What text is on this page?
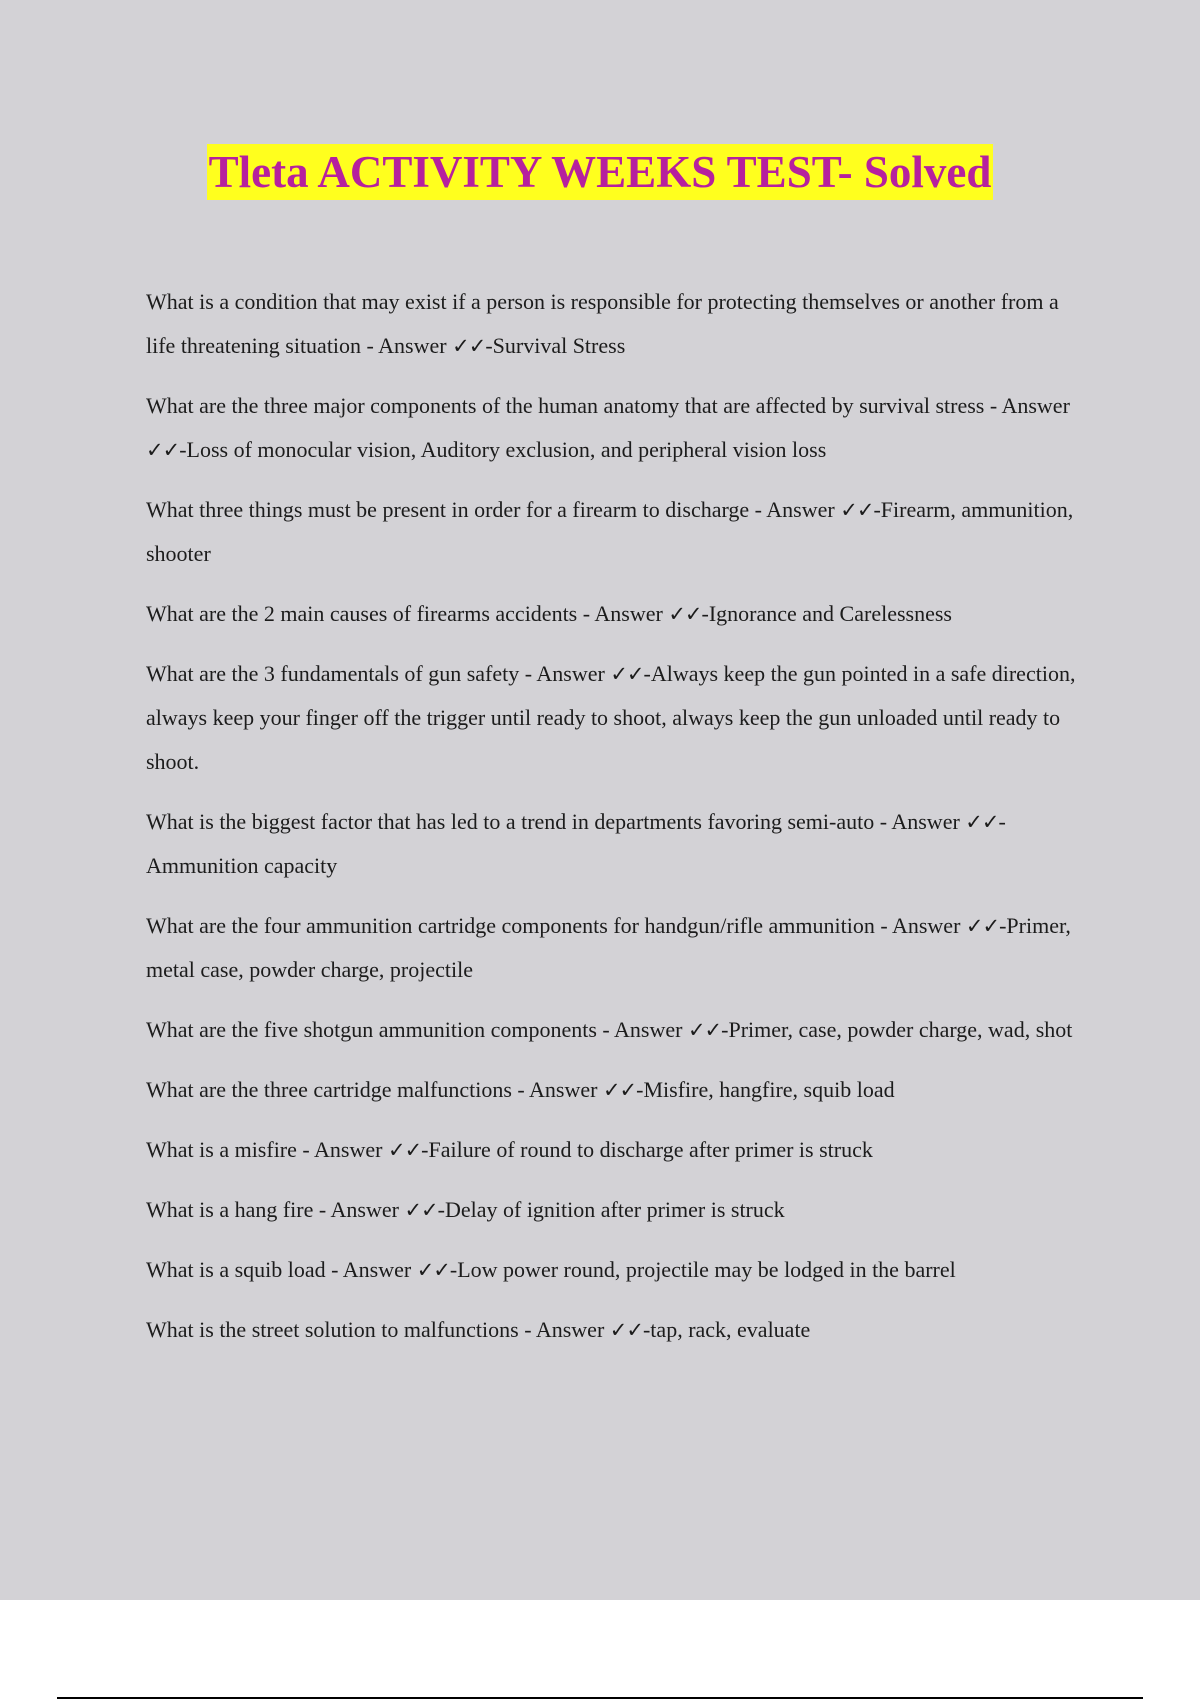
Tleta ACTIVITY WEEKS TEST- Solved
What is a condition that may exist if a person is responsible for protecting themselves or another from a life threatening situation - Answer ✓✓-Survival Stress
What are the three major components of the human anatomy that are affected by survival stress - Answer ✓✓-Loss of monocular vision, Auditory exclusion, and peripheral vision loss
What three things must be present in order for a firearm to discharge - Answer ✓✓-Firearm, ammunition, shooter
What are the 2 main causes of firearms accidents - Answer ✓✓-Ignorance and Carelessness
What are the 3 fundamentals of gun safety - Answer ✓✓-Always keep the gun pointed in a safe direction, always keep your finger off the trigger until ready to shoot, always keep the gun unloaded until ready to shoot.
What is the biggest factor that has led to a trend in departments favoring semi-auto - Answer ✓✓-Ammunition capacity
What are the four ammunition cartridge components for handgun/rifle ammunition - Answer ✓✓-Primer, metal case, powder charge, projectile
What are the five shotgun ammunition components - Answer ✓✓-Primer, case, powder charge, wad, shot
What are the three cartridge malfunctions - Answer ✓✓-Misfire, hangfire, squib load
What is a misfire - Answer ✓✓-Failure of round to discharge after primer is struck
What is a hang fire - Answer ✓✓-Delay of ignition after primer is struck
What is a squib load - Answer ✓✓-Low power round, projectile may be lodged in the barrel
What is the street solution to malfunctions - Answer ✓✓-tap, rack, evaluate
